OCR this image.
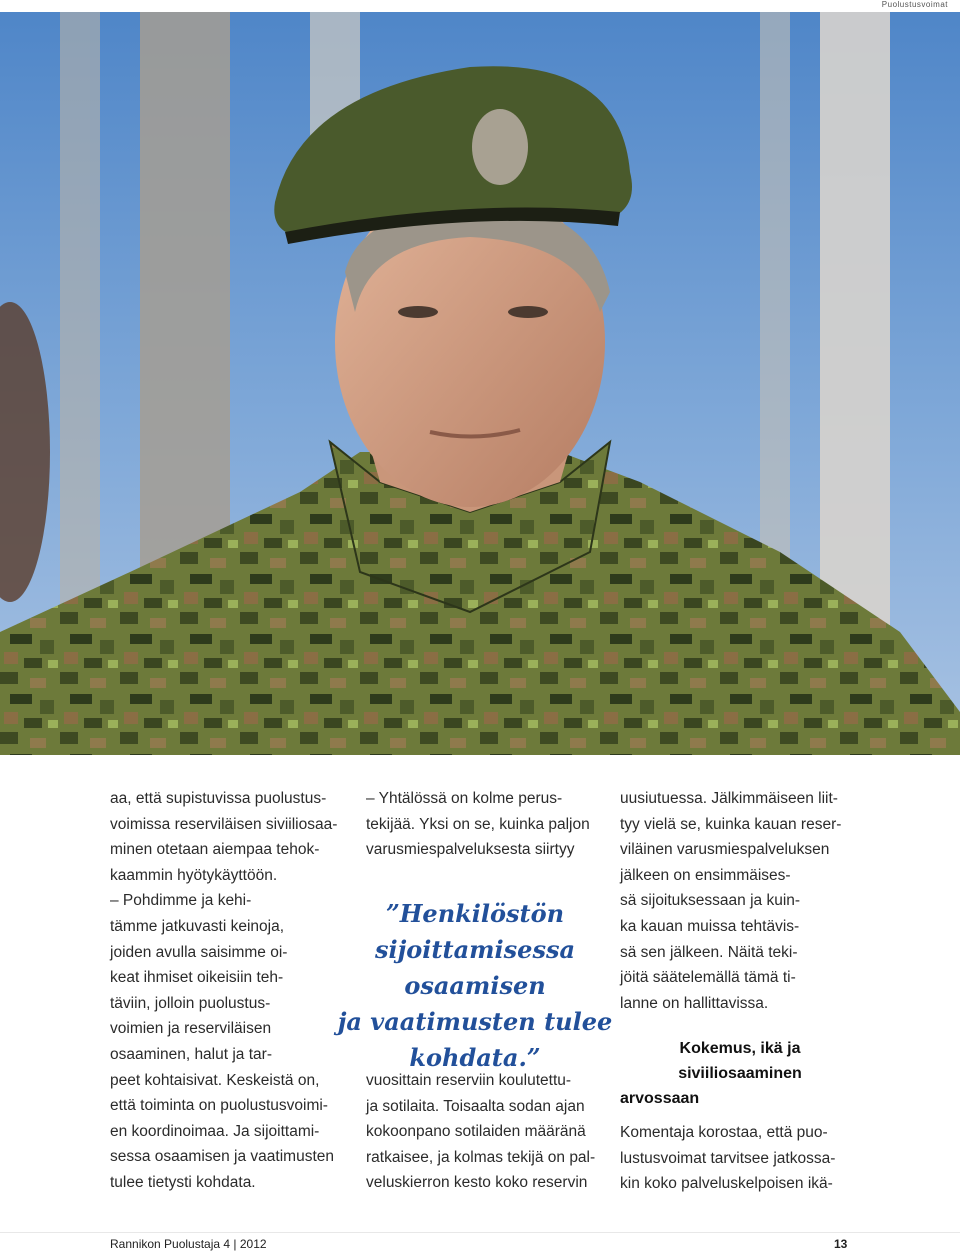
Puolustusvoimat

aa, että supistuvissa puolustus-
voimissa reserviläisen siviiliosaa-
minen otetaan aiempaa tehok-
kaammin hyötykäyttöön.
– Pohdimme ja kehi-
tämme jatkuvasti keinoja,
joiden avulla saisimme oi-
keat ihmiset oikeisiin teh-
täviin, jolloin puolustus-
voimien ja reserviläisen
osaaminen, halut ja tar-
peet kohtaisivat. Keskeistä on,
että toiminta on puolustusvoimi-
en koordinoimaa. Ja sijoittami-
sessa osaamisen ja vaatimusten
tulee tietysti kohdata.

– Yhtälössä on kolme perus-
tekijää. Yksi on se, kuinka paljon
varusmiespalveluksesta siirtyy

”Henkilöstön
sijoittamisessa osaamisen
ja vaatimusten tulee
kohdata.”

vuosittain reserviin koulutettu-
ja sotilaita. Toisaalta sodan ajan
kokoonpano sotilaiden määränä
ratkaisee, ja kolmas tekijä on pal-
veluskierron kesto koko reservin

uusiutuessa. Jälkimmäiseen liit-
tyy vielä se, kuinka kauan reser-
viläinen varusmiespalveluksen
jälkeen on ensimmäises-
sä sijoituksessaan ja kuin-
ka kauan muissa tehtävis-
sä sen jälkeen. Näitä teki-
jöitä säätelemällä tämä ti-
lanne on hallittavissa.

Kokemus, ikä ja
siviiliosaaminen
arvossaan

Komentaja korostaa, että puo-
lustusvoimat tarvitsee jatkossa-
kin koko palveluskelpoisen ikä-

Rannikon Puolustaja 4 | 2012	13
